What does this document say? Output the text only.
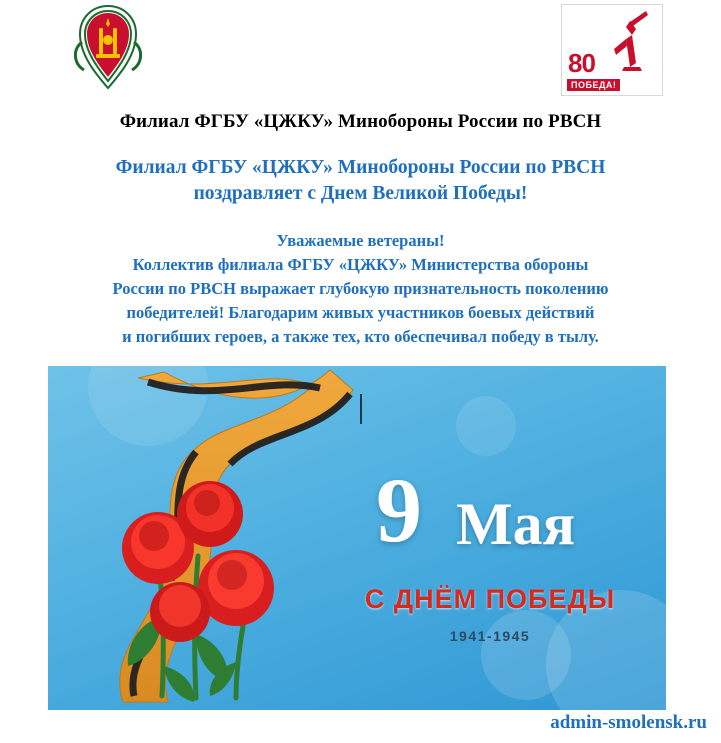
80
ПОБЕДА!
Филиал ФГБУ «ЦЖКУ» Минобороны России по РВСН
Филиал ФГБУ «ЦЖКУ» Минобороны России по РВСН
поздравляет с Днем Великой Победы!
Уважаемые ветераны!
Коллектив филиала ФГБУ «ЦЖКУ» Министерства обороны
России по РВСН выражает глубокую признательность поколению
победителей! Благодарим живых участников боевых действий
и погибших героев, а также тех, кто обеспечивал победу в тылу.
9 Мая
С ДНЁМ ПОБЕДЫ
1941-1945
admin-smolensk.ru
